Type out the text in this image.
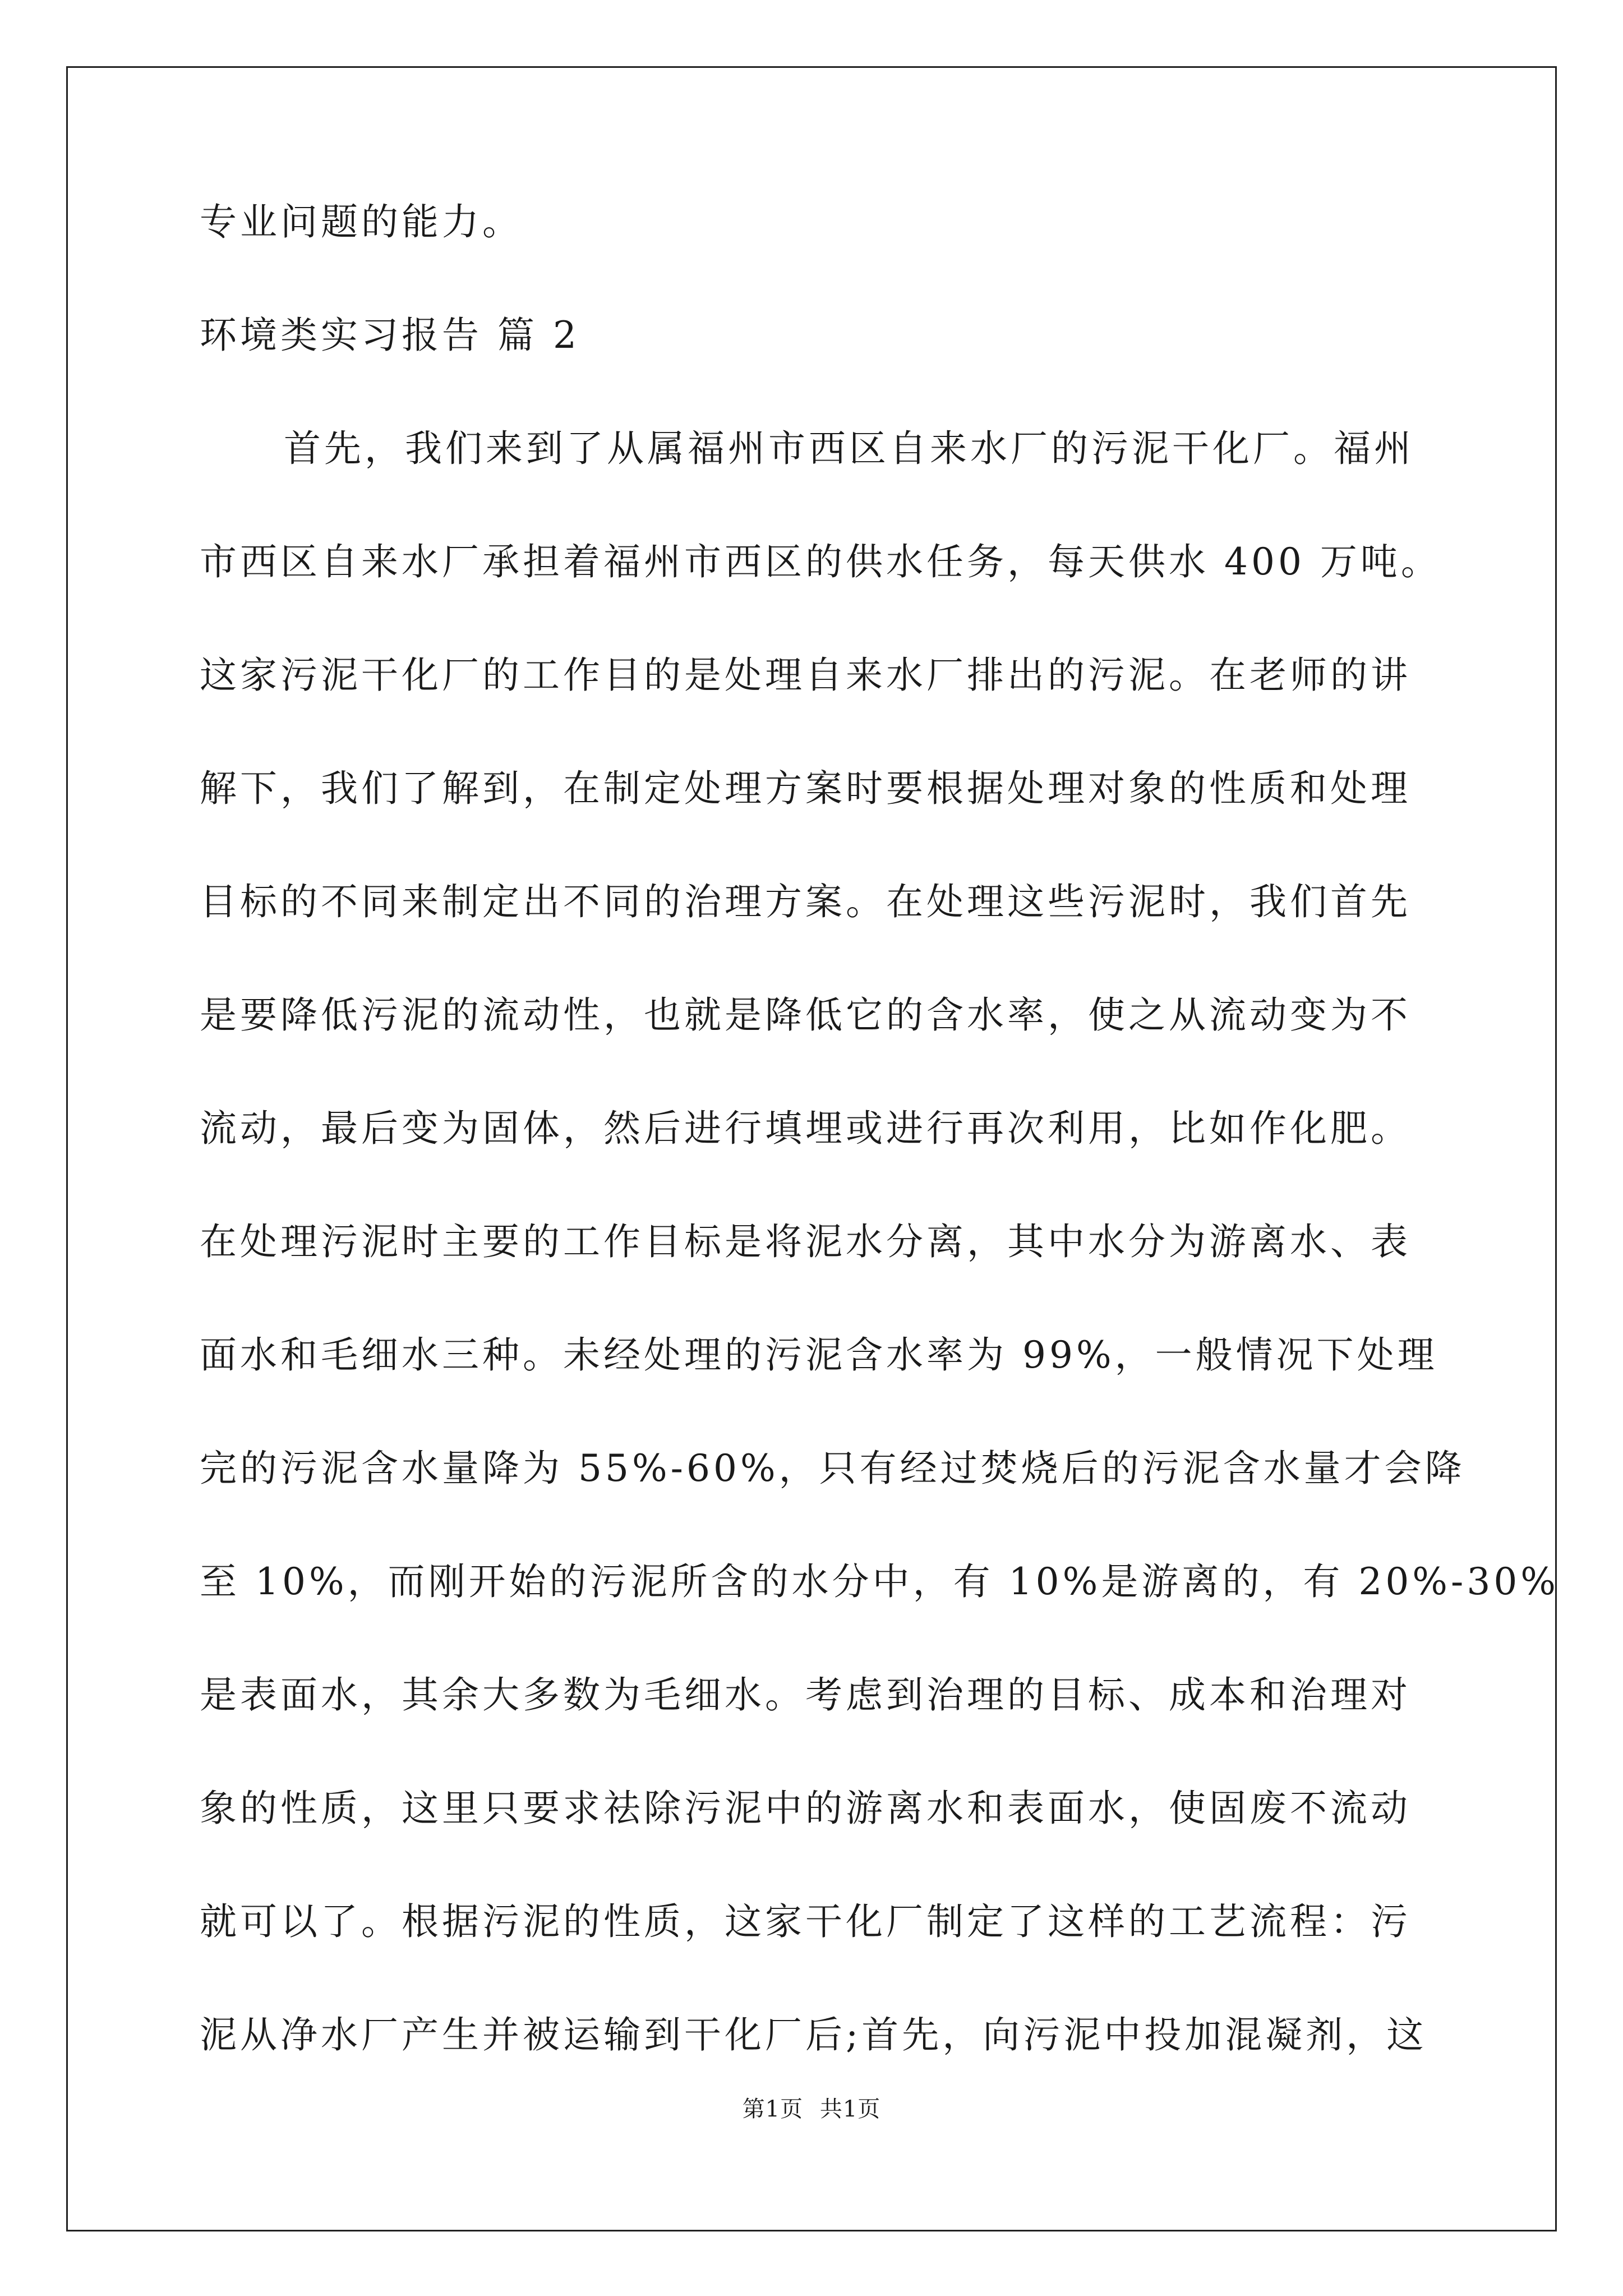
专业问题的能力。
环境类实习报告 篇 2
首先，我们来到了从属福州市西区自来水厂的污泥干化厂。福州
市西区自来水厂承担着福州市西区的供水任务，每天供水 400 万吨。
这家污泥干化厂的工作目的是处理自来水厂排出的污泥。在老师的讲
解下，我们了解到，在制定处理方案时要根据处理对象的性质和处理
目标的不同来制定出不同的治理方案。在处理这些污泥时，我们首先
是要降低污泥的流动性，也就是降低它的含水率，使之从流动变为不
流动，最后变为固体，然后进行填埋或进行再次利用，比如作化肥。
在处理污泥时主要的工作目标是将泥水分离，其中水分为游离水、表
面水和毛细水三种。未经处理的污泥含水率为 99%，一般情况下处理
完的污泥含水量降为 55%-60%，只有经过焚烧后的污泥含水量才会降
至 10%，而刚开始的污泥所含的水分中，有 10%是游离的，有 20%-30%
是表面水，其余大多数为毛细水。考虑到治理的目标、成本和治理对
象的性质，这里只要求祛除污泥中的游离水和表面水，使固废不流动
就可以了。根据污泥的性质，这家干化厂制定了这样的工艺流程：污
泥从净水厂产生并被运输到干化厂后;首先，向污泥中投加混凝剂，这
第1页 共1页
